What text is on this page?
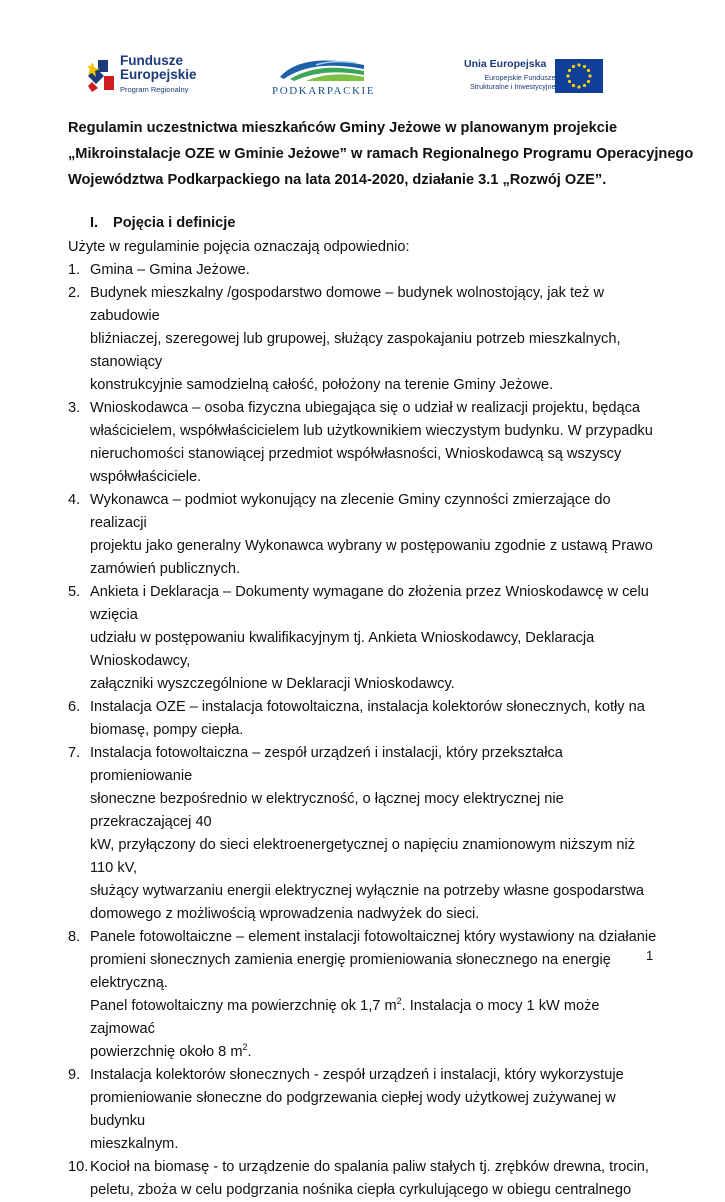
Fundusze
Europejskie
Program Regionalny	PODKARPACKIE
Unia Europejska
Europejskie Fundusze
Strukturalne i Inwestycyjne
Regulamin uczestnictwa mieszkańców Gminy Jeżowe w planowanym projekcie
„Mikroinstalacje OZE w Gminie Jeżowe” w ramach Regionalnego Programu Operacyjnego
Województwa Podkarpackiego na lata 2014-2020, działanie 3.1 „Rozwój OZE”.
I. Pojęcia i definicje
Użyte w regulaminie pojęcia oznaczają odpowiednio:
1. Gmina – Gmina Jeżowe.
2. Budynek mieszkalny /gospodarstwo domowe – budynek wolnostojący, jak też w zabudowie
bliźniaczej, szeregowej lub grupowej, służący zaspokajaniu potrzeb mieszkalnych, stanowiący
konstrukcyjnie samodzielną całość, położony na terenie Gminy Jeżowe.
3. Wnioskodawca – osoba fizyczna ubiegająca się o udział w realizacji projektu, będąca
właścicielem, współwłaścicielem lub użytkownikiem wieczystym budynku. W przypadku
nieruchomości stanowiącej przedmiot współwłasności, Wnioskodawcą są wszyscy
współwłaściciele.
4. Wykonawca – podmiot wykonujący na zlecenie Gminy czynności zmierzające do realizacji
projektu jako generalny Wykonawca wybrany w postępowaniu zgodnie z ustawą Prawo
zamówień publicznych.
5. Ankieta i Deklaracja – Dokumenty wymagane do złożenia przez Wnioskodawcę w celu wzięcia
udziału w postępowaniu kwalifikacyjnym tj. Ankieta Wnioskodawcy, Deklaracja Wnioskodawcy,
załączniki wyszczególnione w Deklaracji Wnioskodawcy.
6. Instalacja OZE – instalacja fotowoltaiczna, instalacja kolektorów słonecznych, kotły na
biomasę, pompy ciepła.
7. Instalacja fotowoltaiczna – zespół urządzeń i instalacji, który przekształca promieniowanie
słoneczne bezpośrednio w elektryczność, o łącznej mocy elektrycznej nie przekraczającej 40
kW, przyłączony do sieci elektroenergetycznej o napięciu znamionowym niższym niż 110 kV,
służący wytwarzaniu energii elektrycznej wyłącznie na potrzeby własne gospodarstwa
domowego z możliwością wprowadzenia nadwyżek do sieci.
8. Panele fotowoltaiczne – element instalacji fotowoltaicznej który wystawiony na działanie
promieni słonecznych zamienia energię promieniowania słonecznego na energię elektryczną.
Panel fotowoltaiczny ma powierzchnię ok 1,7 $m^2$. Instalacja o mocy 1 kW może zajmować
powierzchnię około 8 $m^2$.
9. Instalacja kolektorów słonecznych - zespół urządzeń i instalacji, który wykorzystuje
promieniowanie słoneczne do podgrzewania ciepłej wody użytkowej zużywanej w budynku
mieszkalnym.
10. Kocioł na biomasę - to urządzenie do spalania paliw stałych tj. zrębków drewna, trocin,
peletu, zboża w celu podgrzania nośnika ciepła cyrkulującego w obiegu centralnego
1
